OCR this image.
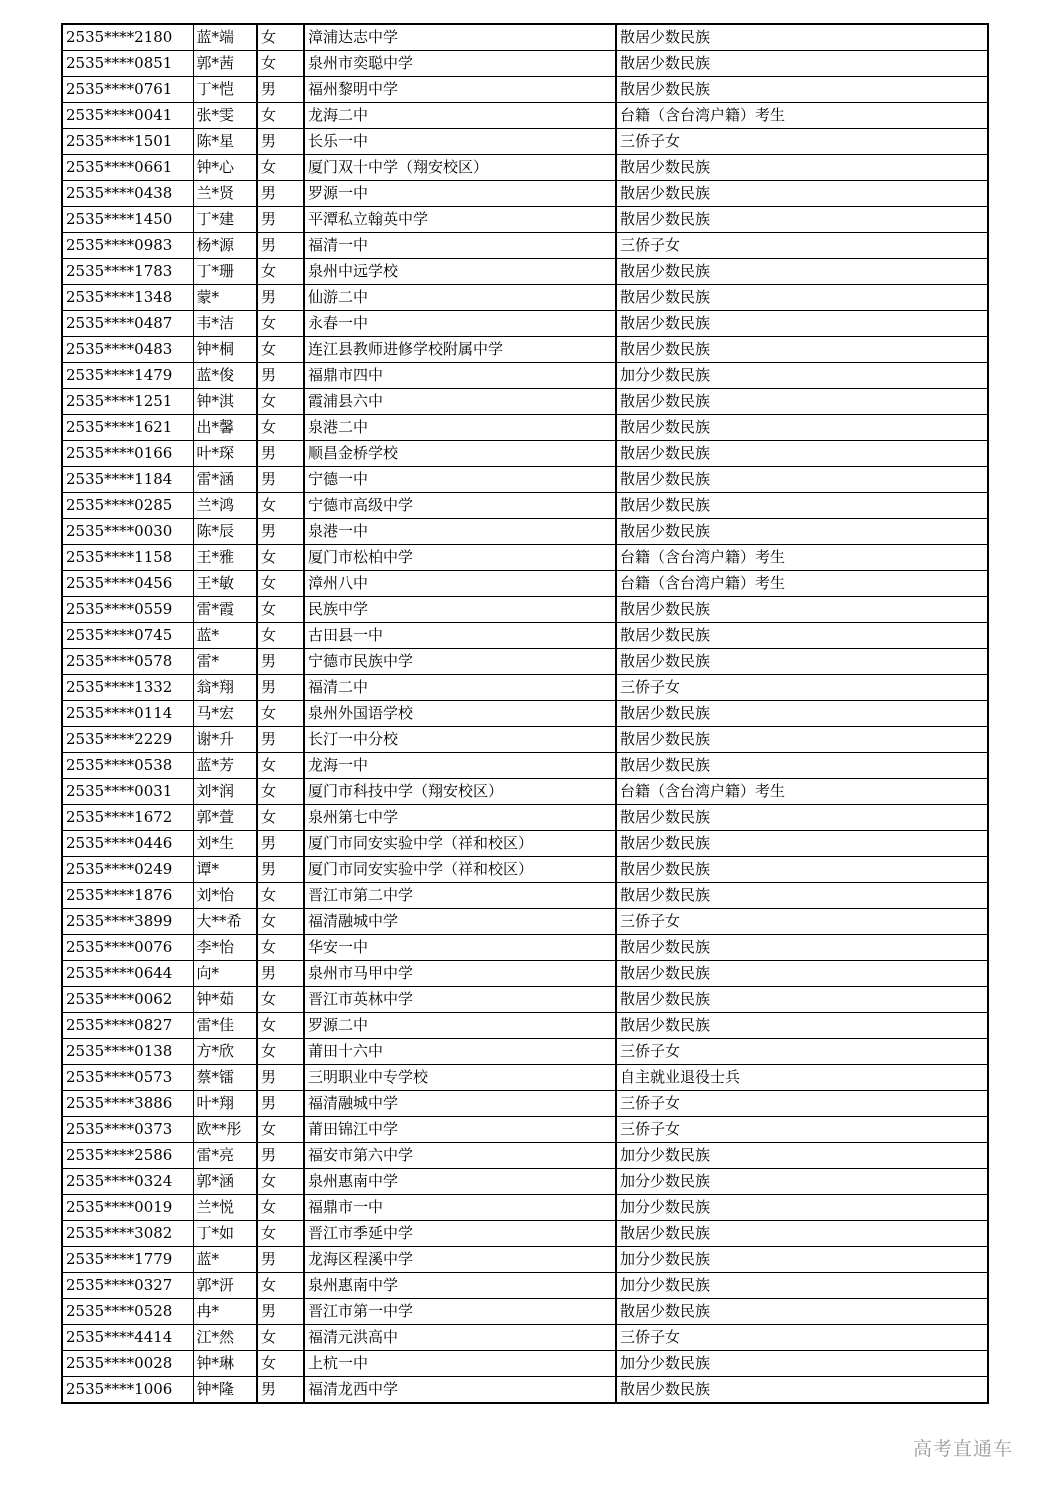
2535****2180	蓝*端	女	漳浦达志中学	散居少数民族
2535****0851	郭*茜	女	泉州市奕聪中学	散居少数民族
2535****0761	丁*恺	男	福州黎明中学	散居少数民族
2535****0041	张*雯	女	龙海二中	台籍（含台湾户籍）考生
2535****1501	陈*星	男	长乐一中	三侨子女
2535****0661	钟*心	女	厦门双十中学（翔安校区）	散居少数民族
2535****0438	兰*贤	男	罗源一中	散居少数民族
2535****1450	丁*建	男	平潭私立翰英中学	散居少数民族
2535****0983	杨*源	男	福清一中	三侨子女
2535****1783	丁*珊	女	泉州中远学校	散居少数民族
2535****1348	蒙*	男	仙游二中	散居少数民族
2535****0487	韦*洁	女	永春一中	散居少数民族
2535****0483	钟*桐	女	连江县教师进修学校附属中学	散居少数民族
2535****1479	蓝*俊	男	福鼎市四中	加分少数民族
2535****1251	钟*淇	女	霞浦县六中	散居少数民族
2535****1621	出*馨	女	泉港二中	散居少数民族
2535****0166	叶*琛	男	顺昌金桥学校	散居少数民族
2535****1184	雷*涵	男	宁德一中	散居少数民族
2535****0285	兰*鸿	女	宁德市高级中学	散居少数民族
2535****0030	陈*辰	男	泉港一中	散居少数民族
2535****1158	王*雅	女	厦门市松柏中学	台籍（含台湾户籍）考生
2535****0456	王*敏	女	漳州八中	台籍（含台湾户籍）考生
2535****0559	雷*霞	女	民族中学	散居少数民族
2535****0745	蓝*	女	古田县一中	散居少数民族
2535****0578	雷*	男	宁德市民族中学	散居少数民族
2535****1332	翁*翔	男	福清二中	三侨子女
2535****0114	马*宏	女	泉州外国语学校	散居少数民族
2535****2229	谢*升	男	长汀一中分校	散居少数民族
2535****0538	蓝*芳	女	龙海一中	散居少数民族
2535****0031	刘*润	女	厦门市科技中学（翔安校区）	台籍（含台湾户籍）考生
2535****1672	郭*萱	女	泉州第七中学	散居少数民族
2535****0446	刘*生	男	厦门市同安实验中学（祥和校区）	散居少数民族
2535****0249	谭*	男	厦门市同安实验中学（祥和校区）	散居少数民族
2535****1876	刘*怡	女	晋江市第二中学	散居少数民族
2535****3899	大**希	女	福清融城中学	三侨子女
2535****0076	李*怡	女	华安一中	散居少数民族
2535****0644	向*	男	泉州市马甲中学	散居少数民族
2535****0062	钟*茹	女	晋江市英林中学	散居少数民族
2535****0827	雷*佳	女	罗源二中	散居少数民族
2535****0138	方*欣	女	莆田十六中	三侨子女
2535****0573	蔡*镭	男	三明职业中专学校	自主就业退役士兵
2535****3886	叶*翔	男	福清融城中学	三侨子女
2535****0373	欧**彤	女	莆田锦江中学	三侨子女
2535****2586	雷*亮	男	福安市第六中学	加分少数民族
2535****0324	郭*涵	女	泉州惠南中学	加分少数民族
2535****0019	兰*悦	女	福鼎市一中	加分少数民族
2535****3082	丁*如	女	晋江市季延中学	散居少数民族
2535****1779	蓝*	男	龙海区程溪中学	加分少数民族
2535****0327	郭*汧	女	泉州惠南中学	加分少数民族
2535****0528	冉*	男	晋江市第一中学	散居少数民族
2535****4414	江*然	女	福清元洪高中	三侨子女
2535****0028	钟*琳	女	上杭一中	加分少数民族
2535****1006	钟*隆	男	福清龙西中学	散居少数民族
高考直通车
